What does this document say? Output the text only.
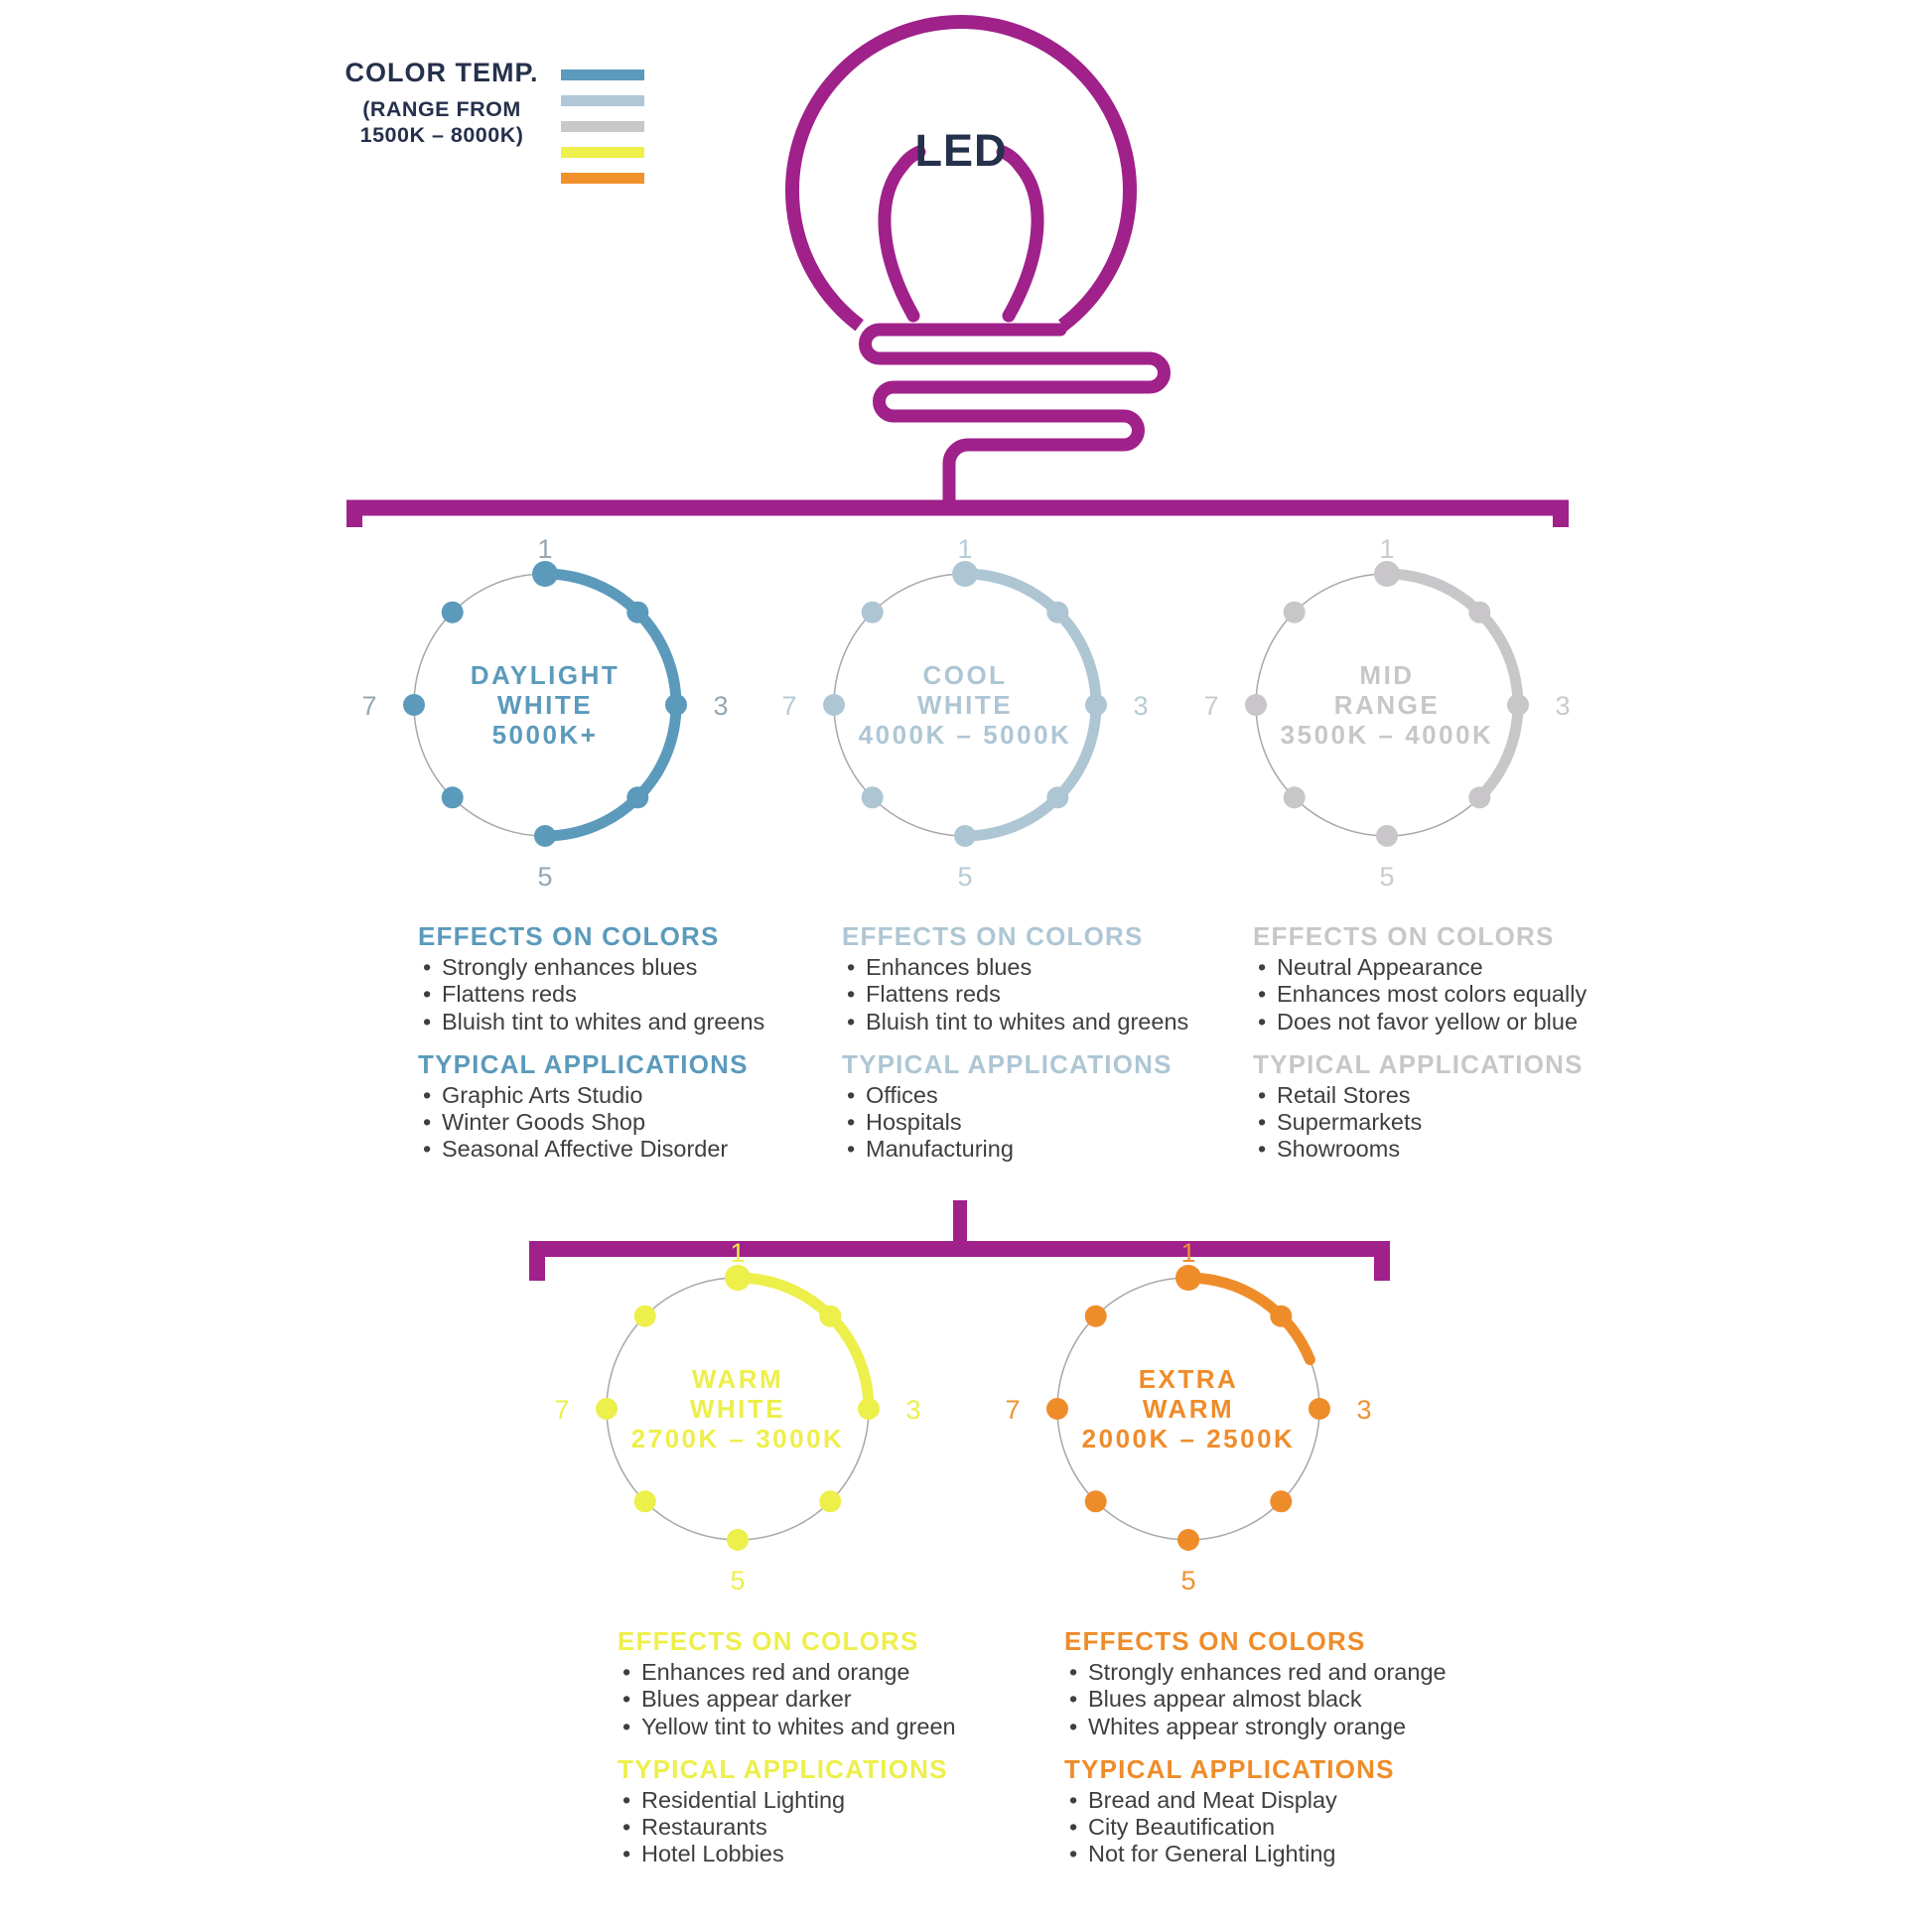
COLOR TEMP.
(RANGE FROM
1500K – 8000K)	LED
1
3
5
7
DAYLIGHT
WHITE
5000K+
EFFECTS ON COLORS
• Strongly enhances blues
• Flattens reds
• Bluish tint to whites and greens
TYPICAL APPLICATIONS
• Graphic Arts Studio
• Winter Goods Shop
• Seasonal Affective Disorder
1
3
5
7
COOL
WHITE
4000K – 5000K
EFFECTS ON COLORS
• Enhances blues
• Flattens reds
• Bluish tint to whites and greens
TYPICAL APPLICATIONS
• Offices
• Hospitals
• Manufacturing
1
3
5
7
MID
RANGE
3500K – 4000K
EFFECTS ON COLORS
• Neutral Appearance
• Enhances most colors equally
• Does not favor yellow or blue
TYPICAL APPLICATIONS
• Retail Stores
• Supermarkets
• Showrooms
1
3
5
7
WARM
WHITE
2700K – 3000K
EFFECTS ON COLORS
• Enhances red and orange
• Blues appear darker
• Yellow tint to whites and green
TYPICAL APPLICATIONS
• Residential Lighting
• Restaurants
• Hotel Lobbies
1
3
5
7
EXTRA
WARM
2000K – 2500K
EFFECTS ON COLORS
• Strongly enhances red and orange
• Blues appear almost black
• Whites appear strongly orange
TYPICAL APPLICATIONS
• Bread and Meat Display
• City Beautification
• Not for General Lighting
